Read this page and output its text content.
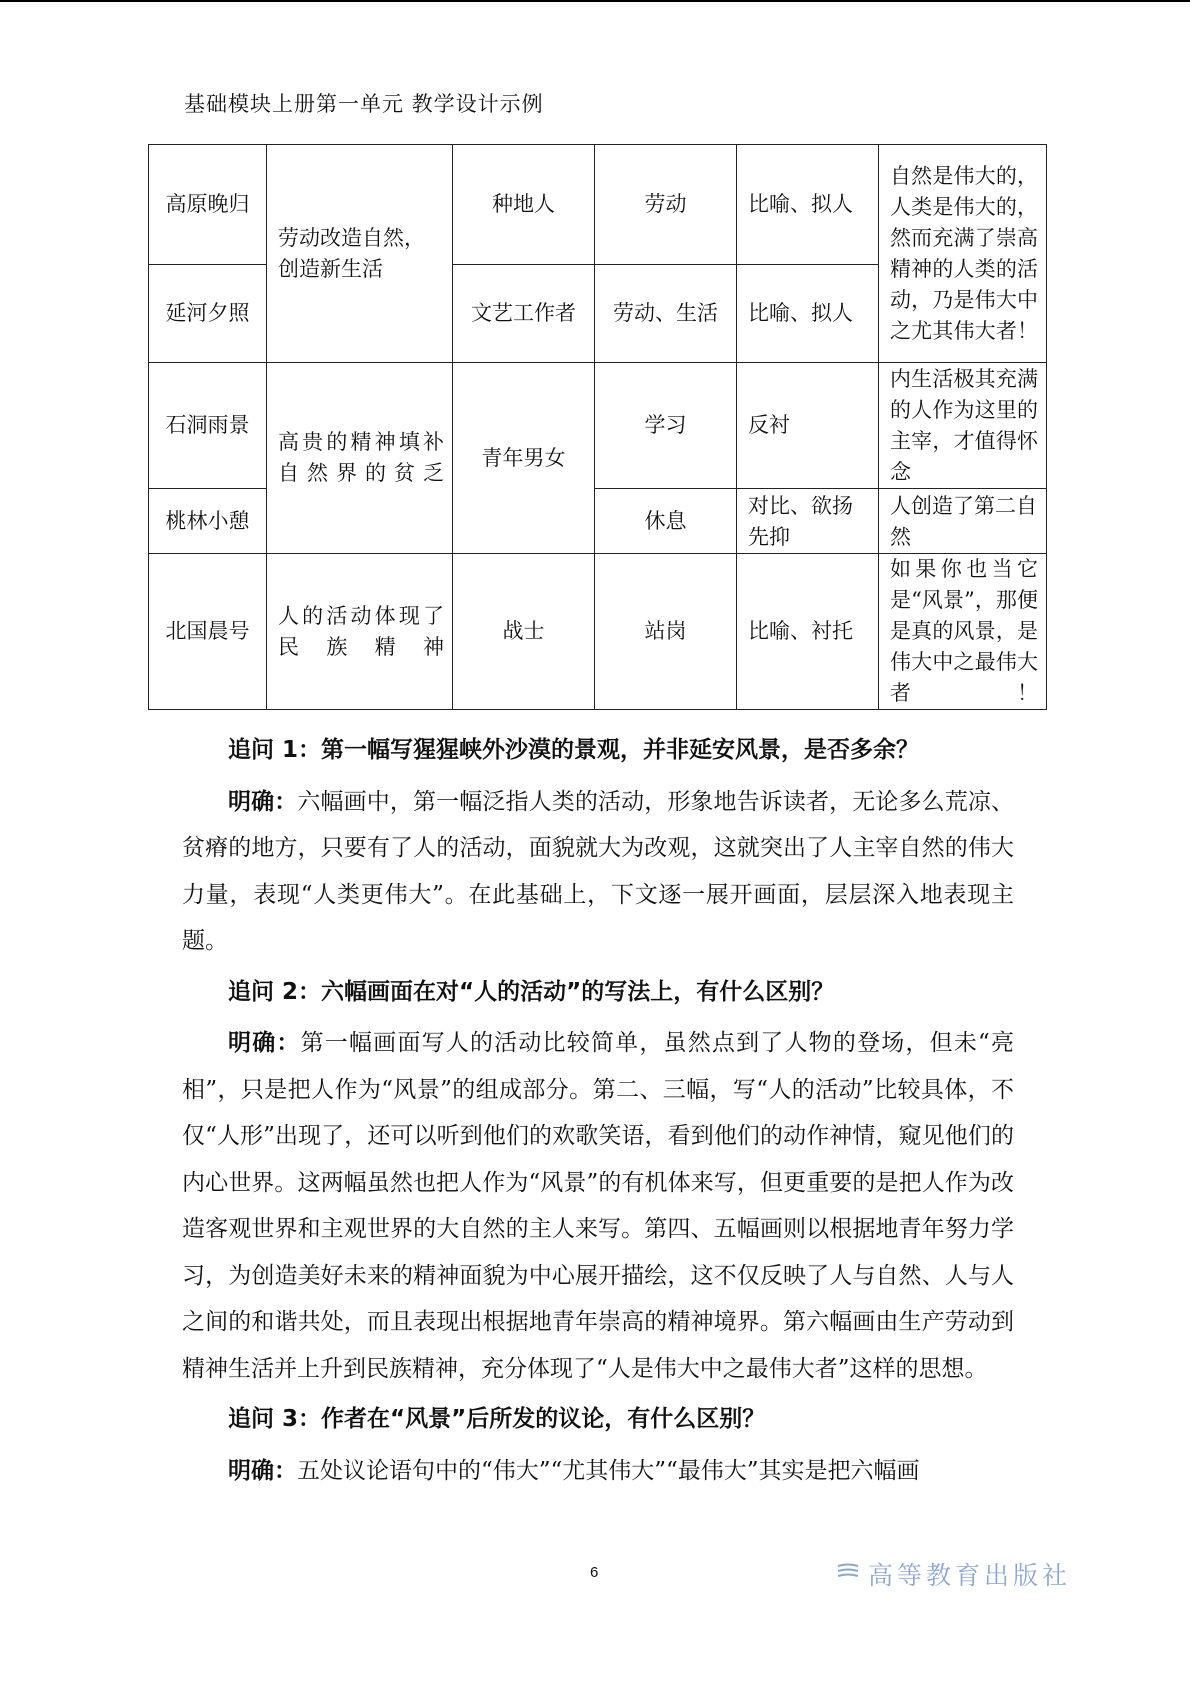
基础模块上册第一单元 教学设计示例
高原晚归	劳动改造自然，创造新生活	种地人	劳动	比喻、拟人	自然是伟大的，人类是伟大的，然而充满了崇高精神的人类的活动，乃是伟大中之尤其伟大者！
延河夕照		文艺工作者	劳动、生活	比喻、拟人	
石洞雨景	高贵的精神填补自然界的贫乏	青年男女	学习	反衬	内生活极其充满的人作为这里的主宰，才值得怀念
桃林小憩			休息	对比、欲扬先抑	人创造了第二自然
北国晨号	人的活动体现了民族精神	战士	站岗	比喻、衬托	如果你也当它是“风景”，那便是真的风景，是伟大中之最伟大者！

追问 1：第一幅写猩猩峡外沙漠的景观，并非延安风景，是否多余？

明确：六幅画中，第一幅泛指人类的活动，形象地告诉读者，无论多么荒凉、贫瘠的地方，只要有了人的活动，面貌就大为改观，这就突出了人主宰自然的伟大力量，表现“人类更伟大”。在此基础上，下文逐一展开画面，层层深入地表现主题。

追问 2：六幅画面在对“人的活动”的写法上，有什么区别？

明确：第一幅画面写人的活动比较简单，虽然点到了人物的登场，但未“亮相”，只是把人作为“风景”的组成部分。第二、三幅，写“人的活动”比较具体，不仅“人形”出现了，还可以听到他们的欢歌笑语，看到他们的动作神情，窥见他们的内心世界。这两幅虽然也把人作为“风景”的有机体来写，但更重要的是把人作为改造客观世界和主观世界的大自然的主人来写。第四、五幅画则以根据地青年努力学习，为创造美好未来的精神面貌为中心展开描绘，这不仅反映了人与自然、人与人之间的和谐共处，而且表现出根据地青年崇高的精神境界。第六幅画由生产劳动到精神生活并上升到民族精神，充分体现了“人是伟大中之最伟大者”这样的思想。

追问 3：作者在“风景”后所发的议论，有什么区别？

明确：五处议论语句中的“伟大”“尤其伟大”“最伟大”其实是把六幅画

6	高等教育出版社
